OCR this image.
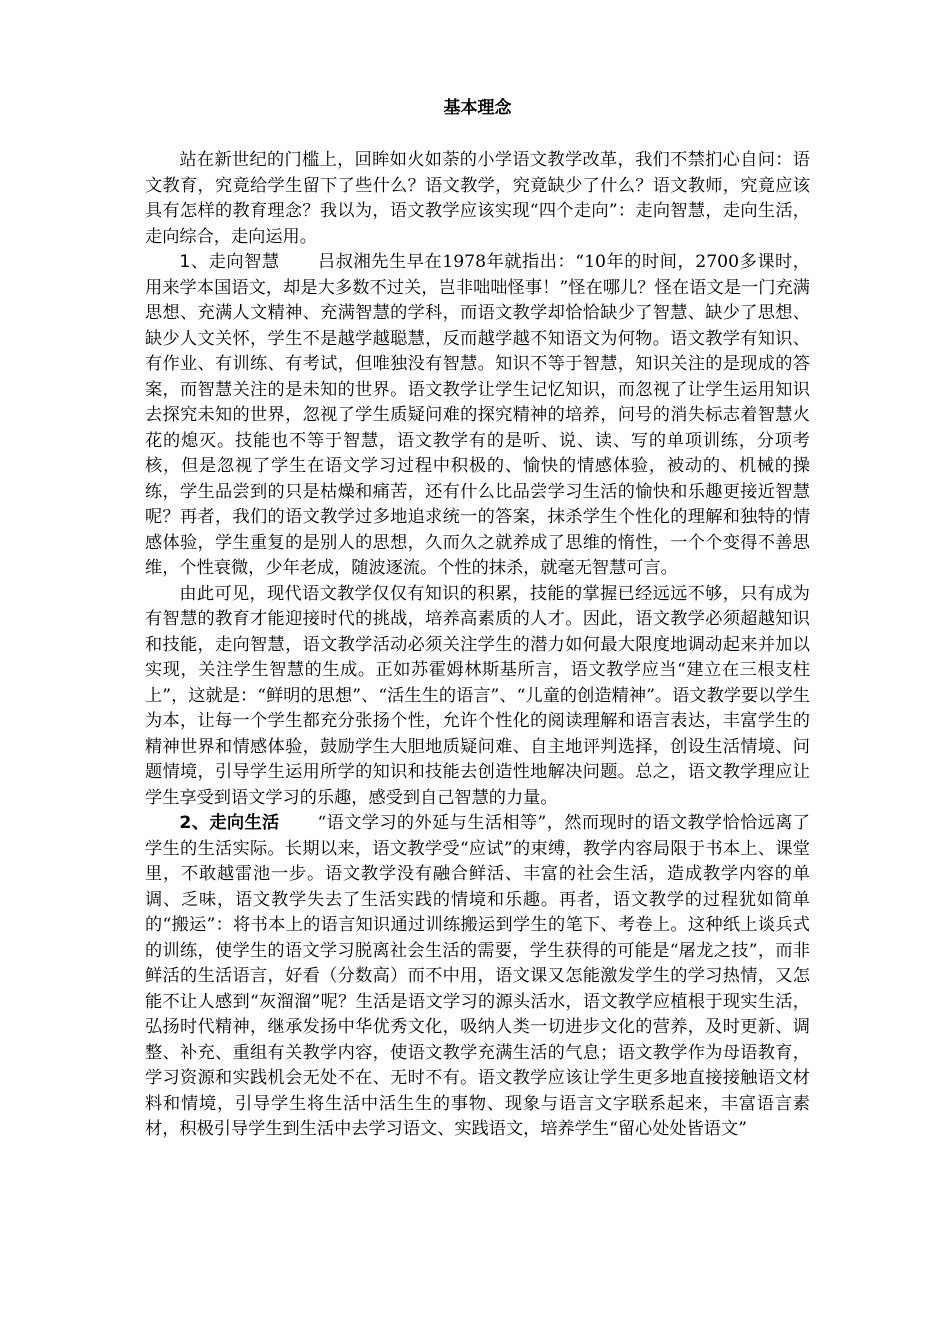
基本理念

站在新世纪的门槛上，回眸如火如荼的小学语文教学改革，我们不禁扪心自问：语文教育，究竟给学生留下了些什么？语文教学，究竟缺少了什么？语文教师，究竟应该具有怎样的教育理念？我以为，语文教学应该实现“四个走向”：走向智慧，走向生活，走向综合，走向运用。

1、走向智慧 吕叔湘先生早在1978年就指出：“10年的时间，2700多课时，用来学本国语文，却是大多数不过关，岂非咄咄怪事！”怪在哪儿？怪在语文是一门充满思想、充满人文精神、充满智慧的学科，而语文教学却恰恰缺少了智慧、缺少了思想、缺少人文关怀，学生不是越学越聪慧，反而越学越不知语文为何物。语文教学有知识、有作业、有训练、有考试，但唯独没有智慧。知识不等于智慧，知识关注的是现成的答案，而智慧关注的是未知的世界。语文教学让学生记忆知识，而忽视了让学生运用知识去探究未知的世界，忽视了学生质疑问难的探究精神的培养，问号的消失标志着智慧火花的熄灭。技能也不等于智慧，语文教学有的是听、说、读、写的单项训练，分项考核，但是忽视了学生在语文学习过程中积极的、愉快的情感体验，被动的、机械的操练，学生品尝到的只是枯燥和痛苦，还有什么比品尝学习生活的愉快和乐趣更接近智慧呢？再者，我们的语文教学过多地追求统一的答案，抹杀学生个性化的理解和独特的情感体验，学生重复的是别人的思想，久而久之就养成了思维的惰性，一个个变得不善思维，个性衰微，少年老成，随波逐流。个性的抹杀，就毫无智慧可言。

由此可见，现代语文教学仅仅有知识的积累，技能的掌握已经远远不够，只有成为有智慧的教育才能迎接时代的挑战，培养高素质的人才。因此，语文教学必须超越知识和技能，走向智慧，语文教学活动必须关注学生的潜力如何最大限度地调动起来并加以实现，关注学生智慧的生成。正如苏霍姆林斯基所言，语文教学应当“建立在三根支柱上”，这就是：“鲜明的思想”、“活生生的语言”、“儿童的创造精神”。语文教学要以学生为本，让每一个学生都充分张扬个性，允许个性化的阅读理解和语言表达，丰富学生的精神世界和情感体验，鼓励学生大胆地质疑问难、自主地评判选择，创设生活情境、问题情境，引导学生运用所学的知识和技能去创造性地解决问题。总之，语文教学理应让学生享受到语文学习的乐趣，感受到自己智慧的力量。

2、走向生活 “语文学习的外延与生活相等”，然而现时的语文教学恰恰远离了学生的生活实际。长期以来，语文教学受“应试”的束缚，教学内容局限于书本上、课堂里，不敢越雷池一步。语文教学没有融合鲜活、丰富的社会生活，造成教学内容的单调、乏味，语文教学失去了生活实践的情境和乐趣。再者，语文教学的过程犹如简单的“搬运”：将书本上的语言知识通过训练搬运到学生的笔下、考卷上。这种纸上谈兵式的训练，使学生的语文学习脱离社会生活的需要，学生获得的可能是“屠龙之技”，而非鲜活的生活语言，好看（分数高）而不中用，语文课又怎能激发学生的学习热情，又怎能不让人感到“灰溜溜”呢？生活是语文学习的源头活水，语文教学应植根于现实生活，弘扬时代精神，继承发扬中华优秀文化，吸纳人类一切进步文化的营养，及时更新、调整、补充、重组有关教学内容，使语文教学充满生活的气息；语文教学作为母语教育，学习资源和实践机会无处不在、无时不有。语文教学应该让学生更多地直接接触语文材料和情境，引导学生将生活中活生生的事物、现象与语言文字联系起来，丰富语言素材，积极引导学生到生活中去学习语文、实践语文，培养学生“留心处处皆语文”
